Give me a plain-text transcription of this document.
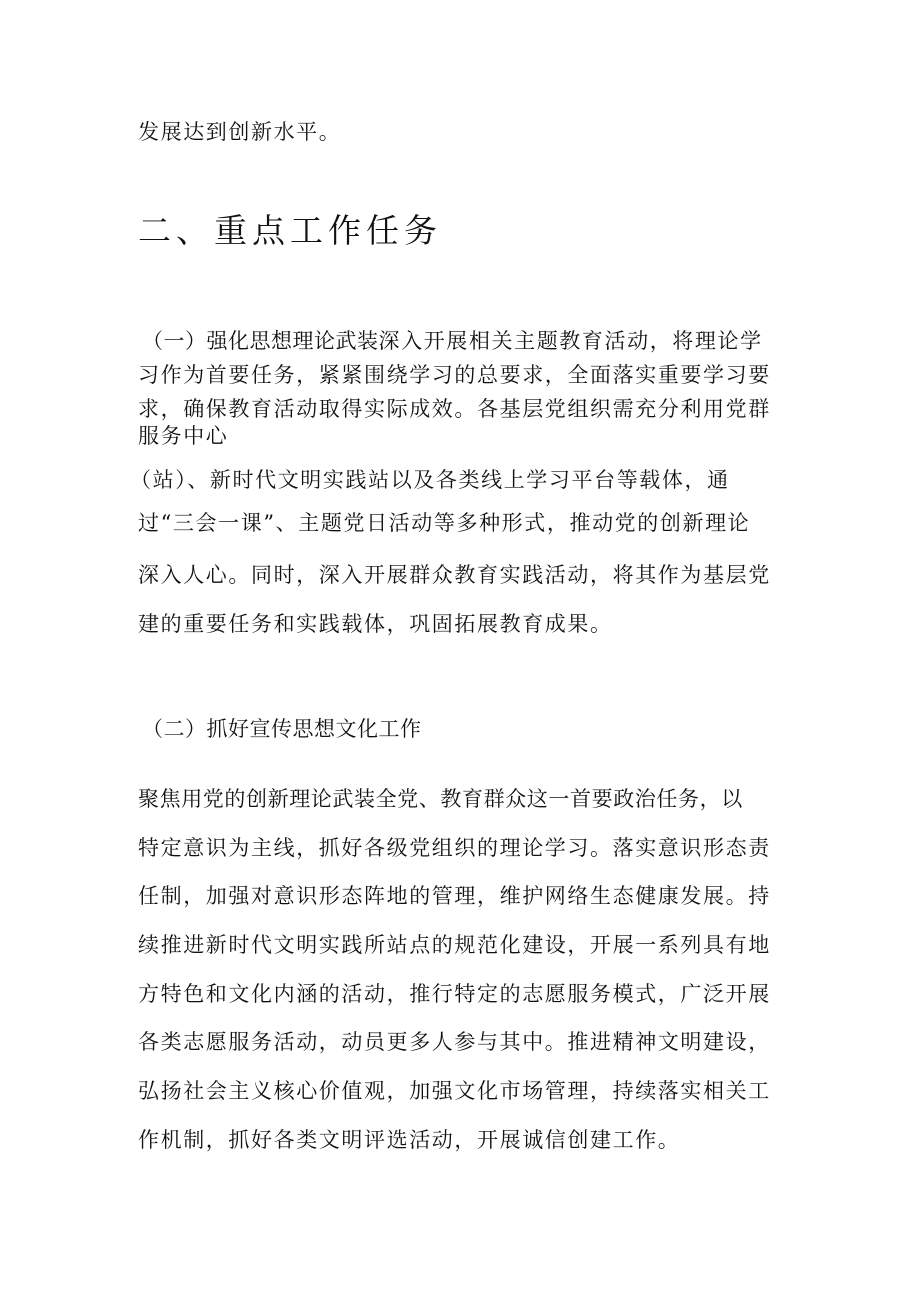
发展达到创新水平。

二、重点工作任务

（一）强化思想理论武装深入开展相关主题教育活动，将理论学

习作为首要任务，紧紧围绕学习的总要求，全面落实重要学习要

求，确保教育活动取得实际成效。各基层党组织需充分利用党群

服务中心

（站）、新时代文明实践站以及各类线上学习平台等载体，通

过“三会一课”、主题党日活动等多种形式，推动党的创新理论

深入人心。同时，深入开展群众教育实践活动，将其作为基层党

建的重要任务和实践载体，巩固拓展教育成果。

（二）抓好宣传思想文化工作

聚焦用党的创新理论武装全党、教育群众这一首要政治任务，以

特定意识为主线，抓好各级党组织的理论学习。落实意识形态责

任制，加强对意识形态阵地的管理，维护网络生态健康发展。持

续推进新时代文明实践所站点的规范化建设，开展一系列具有地

方特色和文化内涵的活动，推行特定的志愿服务模式，广泛开展

各类志愿服务活动，动员更多人参与其中。推进精神文明建设，

弘扬社会主义核心价值观，加强文化市场管理，持续落实相关工

作机制，抓好各类文明评选活动，开展诚信创建工作。
